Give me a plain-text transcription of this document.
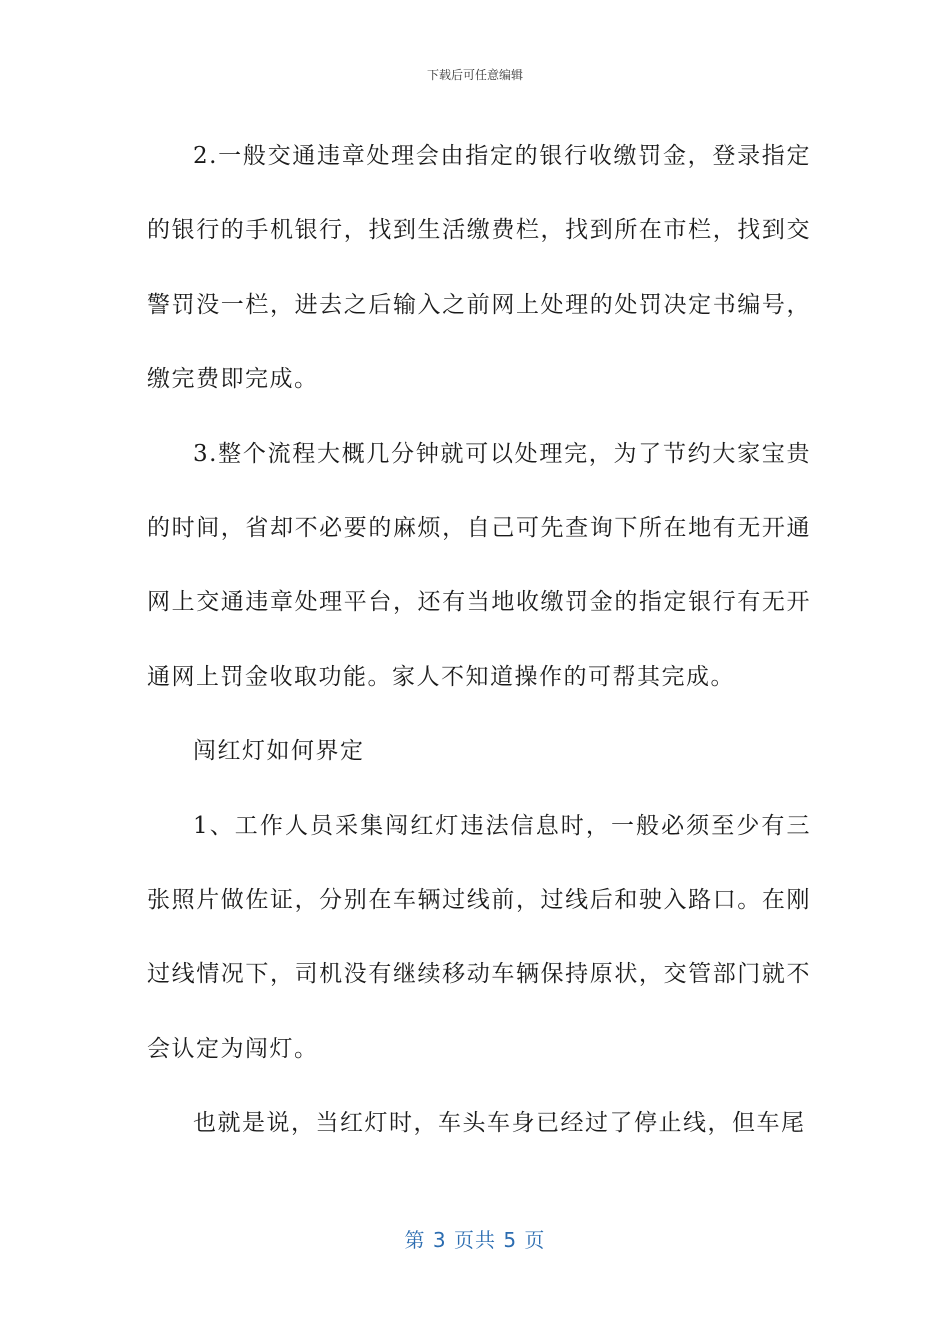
下载后可任意编辑

2.一般交通违章处理会由指定的银行收缴罚金，登录指定的银行的手机银行，找到生活缴费栏，找到所在市栏，找到交警罚没一栏，进去之后输入之前网上处理的处罚决定书编号，缴完费即完成。

3.整个流程大概几分钟就可以处理完，为了节约大家宝贵的时间，省却不必要的麻烦，自己可先查询下所在地有无开通网上交通违章处理平台，还有当地收缴罚金的指定银行有无开通网上罚金收取功能。家人不知道操作的可帮其完成。

闯红灯如何界定

1、工作人员采集闯红灯违法信息时，一般必须至少有三张照片做佐证，分别在车辆过线前，过线后和驶入路口。在刚过线情况下，司机没有继续移动车辆保持原状，交管部门就不会认定为闯灯。

也就是说，当红灯时，车头车身已经过了停止线，但车尾

第 3 页共 5 页
